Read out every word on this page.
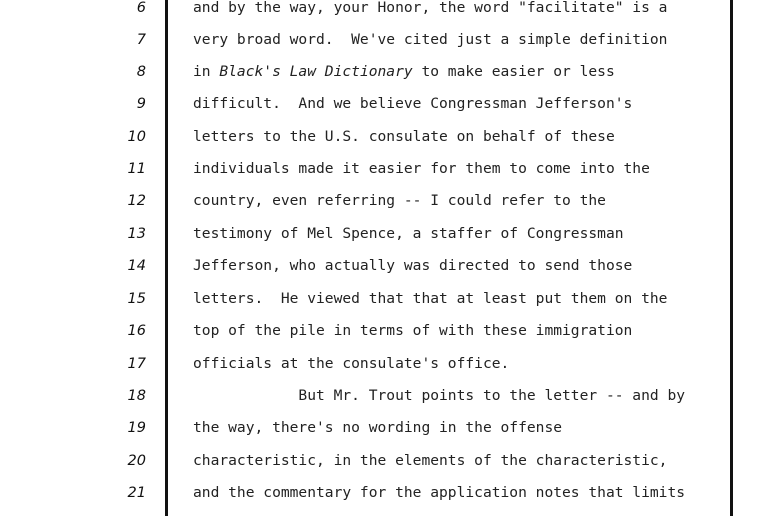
6	and by the way, your Honor, the word "facilitate" is a
7	very broad word.  We've cited just a simple definition
8	in Black's Law Dictionary to make easier or less
9	difficult.  And we believe Congressman Jefferson's
10	letters to the U.S. consulate on behalf of these
11	individuals made it easier for them to come into the
12	country, even referring -- I could refer to the
13	testimony of Mel Spence, a staffer of Congressman
14	Jefferson, who actually was directed to send those
15	letters.  He viewed that that at least put them on the
16	top of the pile in terms of with these immigration
17	officials at the consulate's office.
18	But Mr. Trout points to the letter -- and by
19	the way, there's no wording in the offense
20	characteristic, in the elements of the characteristic,
21	and the commentary for the application notes that limits
